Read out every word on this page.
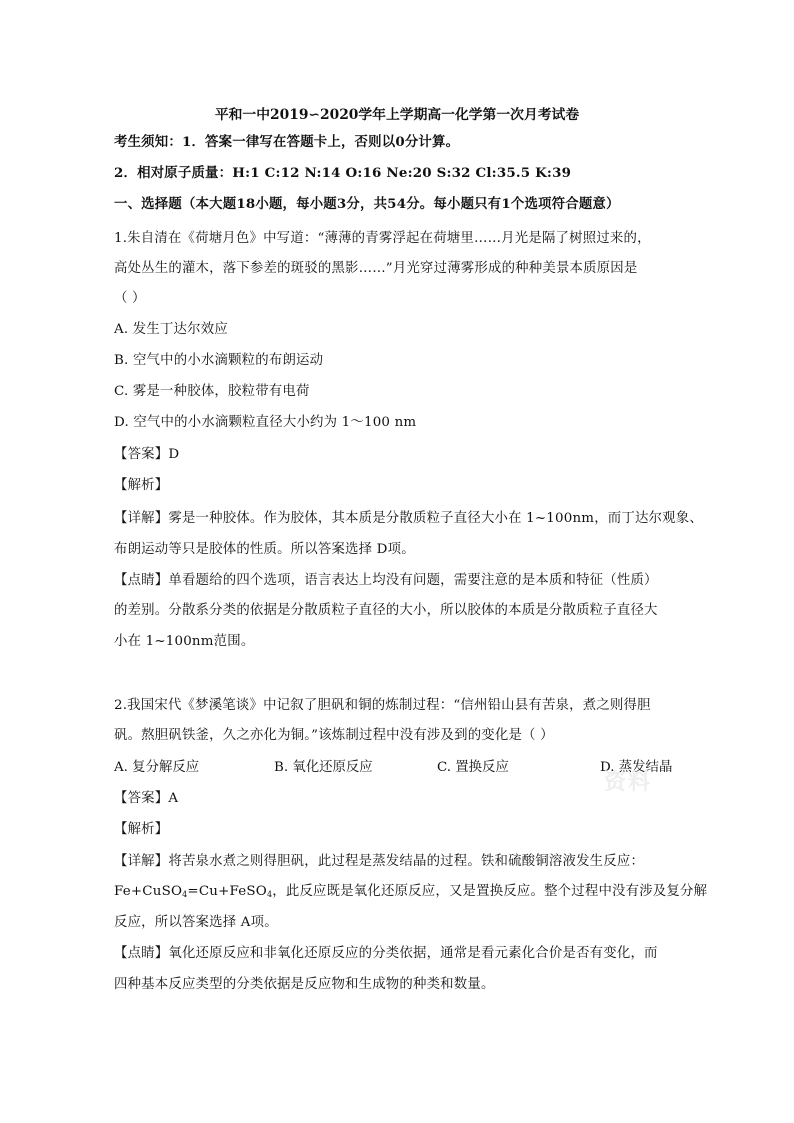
平和一中2019∽2020学年上学期高一化学第一次月考试卷
考生须知：1．答案一律写在答题卡上，否则以0分计算。
2．相对原子质量：H:1 C:12 N:14 O:16 Ne:20 S:32 Cl:35.5 K:39
一、选择题（本大题18小题，每小题3分，共54分。每小题只有1个选项符合题意）
1.朱自清在《荷塘月色》中写道：“薄薄的青雾浮起在荷塘里……月光是隔了树照过来的，
高处丛生的灌木，落下参差的斑驳的黑影……”月光穿过薄雾形成的种种美景本质原因是
（ ）
A. 发生丁达尔效应
B. 空气中的小水滴颗粒的布朗运动
C. 雾是一种胶体，胶粒带有电荷
D. 空气中的小水滴颗粒直径大小约为 1～100 nm
【答案】D
【解析】
【详解】雾是一种胶体。作为胶体，其本质是分散质粒子直径大小在 1~100nm，而丁达尔观象、
布朗运动等只是胶体的性质。所以答案选择 D项。
【点睛】单看题给的四个选项，语言表达上均没有问题，需要注意的是本质和特征（性质）
的差别。分散系分类的依据是分散质粒子直径的大小，所以胶体的本质是分散质粒子直径大
小在 1~100nm范围。
2.我国宋代《梦溪笔谈》中记叙了胆矾和铜的炼制过程：“信州铅山县有苦泉，煮之则得胆
矾。熬胆矾铁釜，久之亦化为铜。”该炼制过程中没有涉及到的变化是（ ）
A. 复分解反应	B. 氧化还原反应	C. 置换反应	D. 蒸发结晶
资料
【答案】A
【解析】
【详解】将苦泉水煮之则得胆矾，此过程是蒸发结晶的过程。铁和硫酸铜溶液发生反应：
Fe+CuSO$_4$=Cu+FeSO$_4$，此反应既是氧化还原反应，又是置换反应。整个过程中没有涉及复分解
反应，所以答案选择 A项。
【点睛】氧化还原反应和非氧化还原反应的分类依据，通常是看元素化合价是否有变化，而
四种基本反应类型的分类依据是反应物和生成物的种类和数量。
